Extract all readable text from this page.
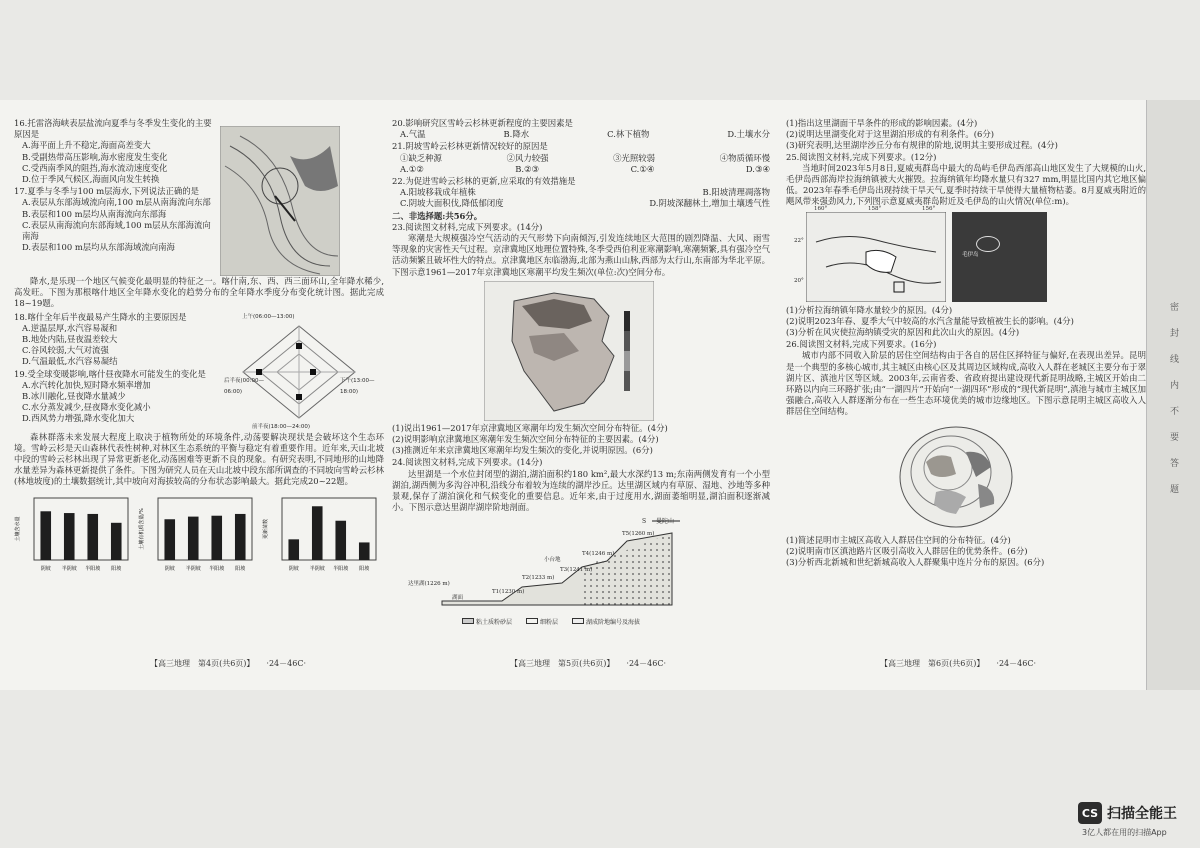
16.托雷洛海峡表层盐流向夏季与冬季发生变化的主要原因是
A.海平面上升不稳定,海面高差变大
B.受副热带高压影响,海水密度发生变化
C.受西南季风的阻挡,海水流动速度变化
D.位于季风气候区,海面风向发生转换
17.夏季与冬季与100 m层海水,下列说法正确的是
A.表层从东部海域流向南,100 m层从南海流向东部
B.表层和100 m层均从南海流向东部海
C.表层从南海流向东部海域,100 m层从东部海流向南海
D.表层和100 m层均从东部海域流向南海
降水,是乐现一个地区气候变化最明显的特征之一。喀什南,东、西、西三面环山,全年降水稀少,高发旺。下图为那根喀什地区全年降水变化的趋势分布的全年降水季度分布变化统计图。据此完成18~19题。
18.喀什全年后半夜最易产生降水的主要原因是
A.逆温层厚,水汽容易凝和
B.地处内陆,昼夜温差较大
C.谷风较弱,大气对流强
D.气温最低,水汽容易凝结
19.受全球变暖影响,喀什昼夜降水可能发生的变化是
A.水汽转化加快,短时降水频率增加
B.冰川融化,昼夜降水量减少
C.水分蒸发减少,昼夜降水变化减小
D.西风势力增强,降水变化加大
上午(06:00—13:00)
后半夜(00:00—06:00)
下午(13:00—18:00)
前半夜(18:00—24:00)
森林群落未来发展大程度上取决于植物所处的环境条件,动荡要解决现状是会破坏这个生态环境。雪岭云杉是天山森林代表性树种,对林区生态系统的平衡与稳定有着重要作用。近年来,天山北坡中段的雪岭云杉林出现了异常更新老化,动荡困难等更新不良的现象。有研究表明,不同地形的山地降水量差异为森林更新提供了条件。下图为研究人员在天山北坡中段东部所调查的不同坡向雪岭云杉林(林地坡度)的土壤数据统计,其中坡向对海拔较高的分布状态影响最大。据此完成20~22题。
土壤含水量
阴坡 半阴坡 半阳坡 阳坡
土壤有机质含量/%
阴坡 半阴坡 半阳坡 阳坡
更新苗数
阴坡 半阴坡 半阳坡 阳坡
【高三地理　第4页(共6页)】　　·24－46C·
20.影响研究区雪岭云杉林更新程度的主要因素是
A.气温	B.降水	C.林下植物	D.土壤水分
21.阴坡雪岭云杉林更新情况较好的原因是
①缺乏种源	②风力较强	③光照较弱	④物质循环慢
A.①②	B.②③	C.①④	D.③④
22.为促进雪岭云杉林的更新,应采取的有效措施是
A.阳坡移栽成年植株	B.阳坡清理凋落物
C.阴坡大面积伐,降低郁闭度	D.阴坡深翻林土,增加土壤透气性
二、非选择题:共56分。
23.阅读图文材料,完成下列要求。(14分)
寒潮是大规模强冷空气活动的天气形势下向南倾泻,引发连续地区大范围的剧烈降温、大风、雨雪等现象的灾害性天气过程。京津冀地区地理位置特殊,冬季受西伯利亚寒潮影响,寒潮频繁,具有强冷空气活动频繁且破坏性大的特点。京津冀地区东临渤海,北部为燕山山脉,西部为太行山,东南部为华北平原。下图示意1961—2017年京津冀地区寒潮平均发生频次(单位:次)空间分布。
(1)说出1961—2017年京津冀地区寒潮年均发生频次空间分布特征。(4分)
(2)说明影响京津冀地区寒潮年发生频次空间分布特征的主要因素。(4分)
(3)推测近年来京津冀地区寒潮年均发生频次的变化,并说明原因。(6分)
24.阅读图文材料,完成下列要求。(14分)
达里湖是一个水位封闭型的湖泊,湖泊面积约180 km²,最大水深约13 m;东南两侧发育有一个小型湖泊,湖西侧为多沟谷冲积,沿线分布着较为连续的湖岸沙丘。达里湖区域内有草原、湿地、沙地等多种景观,保存了湖泊演化和气候变化的重要信息。近年来,由于过度用水,湖面萎缩明显,湖泊面积逐渐减小。下图示意达里湖岸湖岸阶地剖面。
S 曼陀山
T5(1260 m)
T4(1246 m)
T3(1241 m)
T2(1233 m)
T1(1230 m)
达里湖(1226 m)
湖面
小台地
粘土质粉砂层	细粉层	湖成阶地编号及海拔
【高三地理　第5页(共6页)】　　·24－46C·
(1)指出这里湖面干旱条件的形成的影响因素。(4分)
(2)说明达里湖变化对于这里湖泊形成的有利条件。(6分)
(3)研究表明,达里湖岸沙丘分布有规律的阶地,说明其主要形成过程。(4分)
25.阅读图文材料,完成下列要求。(12分)
当地时间2023年5月8日,夏威夷群岛中最大的岛屿毛伊岛西部高山地区发生了大规模的山火,毛伊岛西部海岸拉海纳镇被大火摧毁。拉海纳镇年均降水量只有327 mm,明显比国内其它地区偏低。2023年春季毛伊岛出现持续干旱天气,夏季时持续干旱使得大量植物枯萎。8月夏威夷附近的飓风带来强劲风力,下列图示意夏威夷群岛附近及毛伊岛的山火情况(单位:m)。
160°	158°	156°
22°
20°
毛伊岛
(1)分析拉海纳镇年降水量较少的原因。(4分)
(2)说明2023年春、夏季大气中较高的水汽含量能导致植被生长的影响。(4分)
(3)分析在风灾使拉海纳镇受灾的原因和此次山火的原因。(4分)
26.阅读图文材料,完成下列要求。(16分)
城市内部不同收入阶层的居住空间结构由于各自的居住区择特征与偏好,在表现出差异。昆明是一个典型的多核心城市,其主城区由核心区及其周边区域构成,高收入人群在老城区主要分布于翠湖片区、滇池片区等区域。2003年,云南省委、省政府提出建设现代新昆明战略,主城区开始由二环路以内向三环路扩张;由“一湖四片”开始向“一湖四环”形成的“现代新昆明”,滇池与城市主城区加强融合,高收入人群逐渐分布在一些生态环境优美的城市边缘地区。下图示意昆明主城区高收入人群居住空间结构。
(1)简述昆明市主城区高收入人群居住空间的分布特征。(4分)
(2)说明南市区滇池路片区吸引高收入人群居住的优势条件。(6分)
(3)分析西北新城和世纪新城高收入人群聚集中连片分布的原因。(6分)
【高三地理　第6页(共6页)】　　·24－46C·
密
封
线
内
不
要
答
题
CS 扫描全能王
3亿人都在用的扫描App
